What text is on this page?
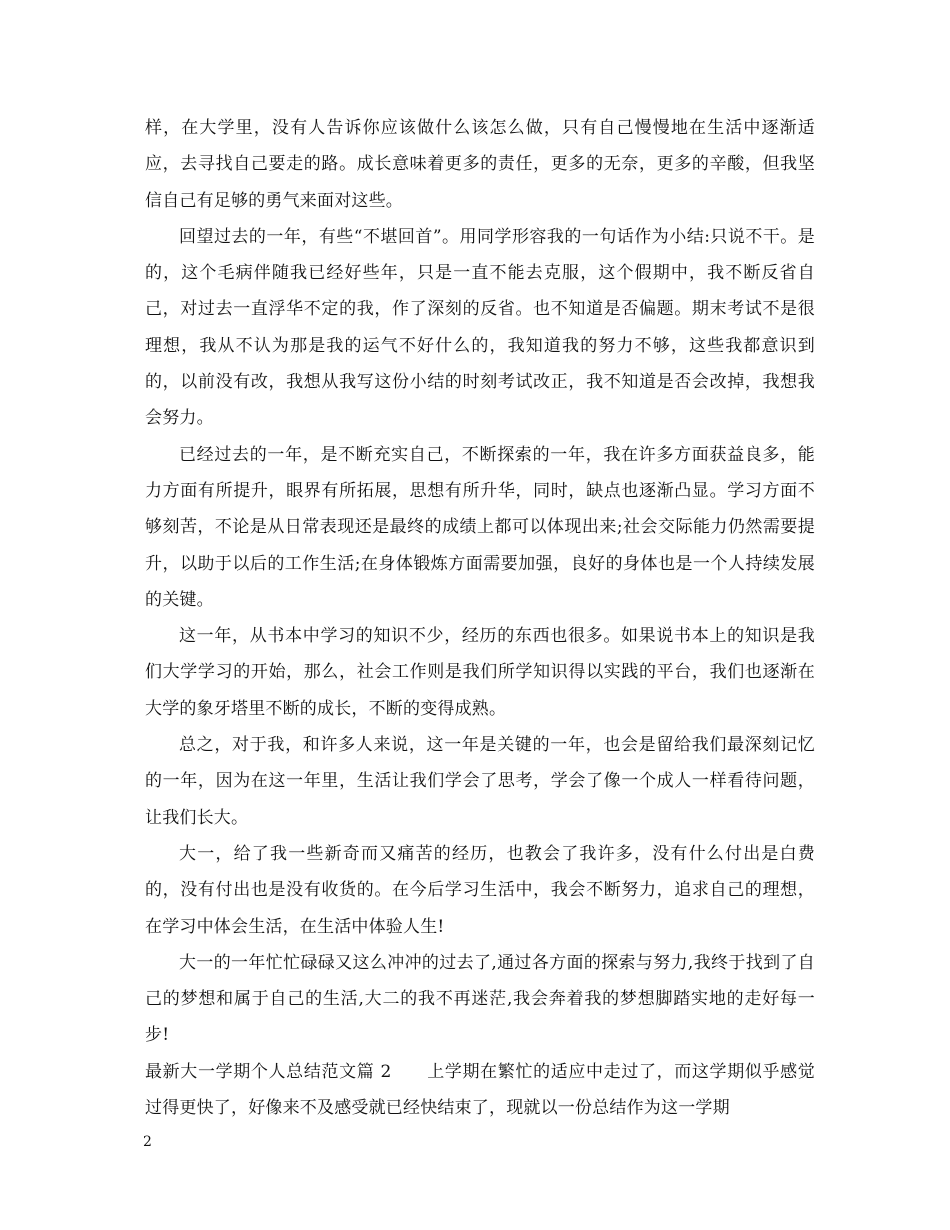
样，在大学里，没有人告诉你应该做什么该怎么做，只有自己慢慢地在生活中逐渐适应，去寻找自己要走的路。成长意味着更多的责任，更多的无奈，更多的辛酸，但我坚信自己有足够的勇气来面对这些。

回望过去的一年，有些“不堪回首”。用同学形容我的一句话作为小结:只说不干。是的，这个毛病伴随我已经好些年，只是一直不能去克服，这个假期中，我不断反省自己，对过去一直浮华不定的我，作了深刻的反省。也不知道是否偏题。期末考试不是很理想，我从不认为那是我的运气不好什么的，我知道我的努力不够，这些我都意识到的，以前没有改，我想从我写这份小结的时刻考试改正，我不知道是否会改掉，我想我会努力。

已经过去的一年，是不断充实自己，不断探索的一年，我在许多方面获益良多，能力方面有所提升，眼界有所拓展，思想有所升华，同时，缺点也逐渐凸显。学习方面不够刻苦，不论是从日常表现还是最终的成绩上都可以体现出来;社会交际能力仍然需要提升，以助于以后的工作生活;在身体锻炼方面需要加强，良好的身体也是一个人持续发展的关键。

这一年，从书本中学习的知识不少，经历的东西也很多。如果说书本上的知识是我们大学学习的开始，那么，社会工作则是我们所学知识得以实践的平台，我们也逐渐在大学的象牙塔里不断的成长，不断的变得成熟。

总之，对于我，和许多人来说，这一年是关键的一年，也会是留给我们最深刻记忆的一年，因为在这一年里，生活让我们学会了思考，学会了像一个成人一样看待问题，让我们长大。

大一，给了我一些新奇而又痛苦的经历，也教会了我许多，没有什么付出是白费的，没有付出也是没有收货的。在今后学习生活中，我会不断努力，追求自己的理想，在学习中体会生活，在生活中体验人生!

大一的一年忙忙碌碌又这么冲冲的过去了,通过各方面的探索与努力,我终于找到了自己的梦想和属于自己的生活,大二的我不再迷茫,我会奔着我的梦想脚踏实地的走好每一步!

最新大一学期个人总结范文篇 2　　上学期在繁忙的适应中走过了，而这学期似乎感觉过得更快了，好像来不及感受就已经快结束了，现就以一份总结作为这一学期

2
